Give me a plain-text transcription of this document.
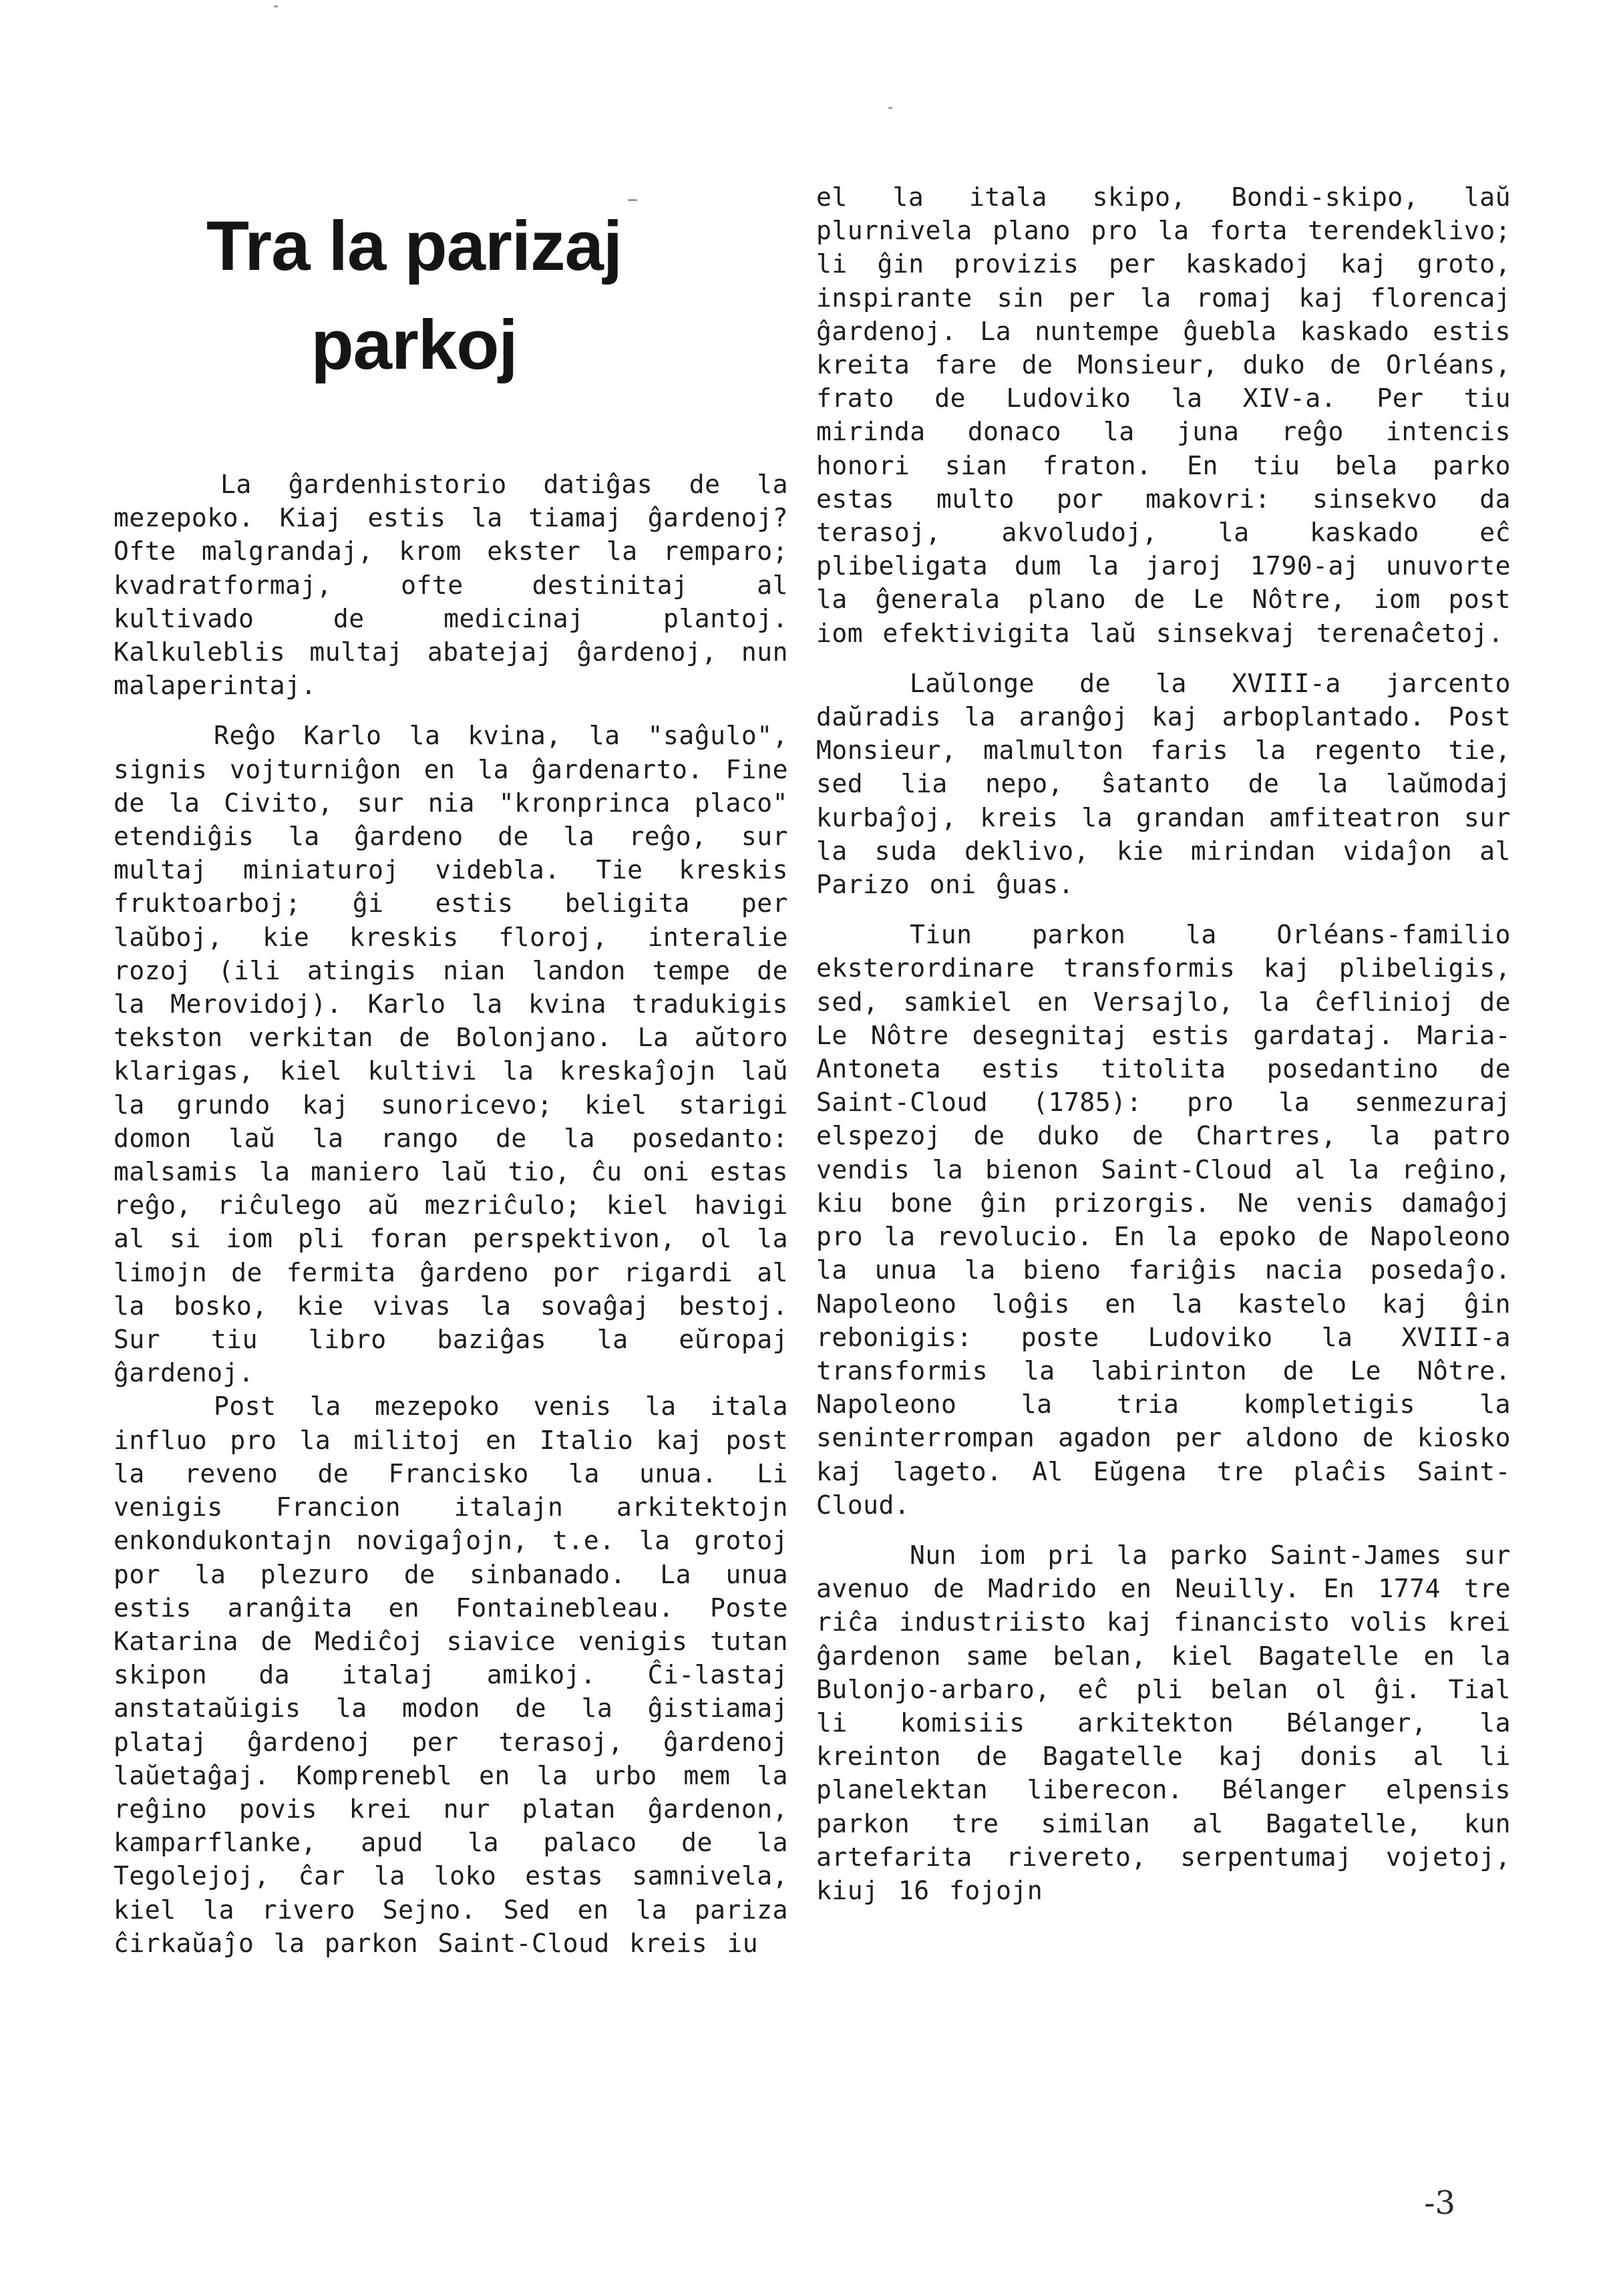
Tra la parizaj
parkoj

La ĝardenhistorio datiĝas de la mezepoko. Kiaj estis la tiamaj ĝardenoj? Ofte malgrandaj, krom ekster la remparo; kvadratformaj, ofte destinitaj al kultivado de medicinaj plantoj. Kalkuleblis multaj abatejaj ĝardenoj, nun malaperintaj.

Reĝo Karlo la kvina, la "saĝulo", signis vojturniĝon en la ĝardenarto. Fine de la Civito, sur nia "kronprinca placo" etendiĝis la ĝardeno de la reĝo, sur multaj miniaturoj videbla. Tie kreskis fruktoarboj; ĝi estis beligita per laŭboj, kie kreskis floroj, interalie rozoj (ili atingis nian landon tempe de la Merovidoj). Karlo la kvina tradukigis tekston verkitan de Bolonjano. La aŭtoro klarigas, kiel kultivi la kreskaĵojn laŭ la grundo kaj sunoricevo; kiel starigi domon laŭ la rango de la posedanto: malsamis la maniero laŭ tio, ĉu oni estas reĝo, riĉulego aŭ mezriĉulo; kiel havigi al si iom pli foran perspektivon, ol la limojn de fermita ĝardeno por rigardi al la bosko, kie vivas la sovaĝaj bestoj. Sur tiu libro baziĝas la eŭropaj ĝardenoj.

Post la mezepoko venis la itala influo pro la militoj en Italio kaj post la reveno de Francisko la unua. Li venigis Francion italajn arkitektojn enkondukontajn novigaĵojn, t.e. la grotoj por la plezuro de sinbanado. La unua estis aranĝita en Fontainebleau. Poste Katarina de Mediĉoj siavice venigis tutan skipon da italaj amikoj. Ĉi-lastaj anstataŭigis la modon de la ĝistiamaj plataj ĝardenoj per terasoj, ĝardenoj laŭetaĝaj. Komprenebl en la urbo mem la reĝino povis krei nur platan ĝardenon, kamparflanke, apud la palaco de la Tegolejoj, ĉar la loko estas samnivela, kiel la rivero Sejno. Sed en la pariza ĉirkaŭaĵo la parkon Saint-Cloud kreis iu

el la itala skipo, Bondi-skipo, laŭ plurnivela plano pro la forta terendeklivo; li ĝin provizis per kaskadoj kaj groto, inspirante sin per la romaj kaj florencaj ĝardenoj. La nuntempe ĝuebla kaskado estis kreita fare de Monsieur, duko de Orléans, frato de Ludoviko la XIV-a. Per tiu mirinda donaco la juna reĝo intencis honori sian fraton. En tiu bela parko estas multo por makovri: sinsekvo da terasoj, akvoludoj, la kaskado eĉ plibeligata dum la jaroj 1790-aj unuvorte la ĝenerala plano de Le Nôtre, iom post iom efektivigita laŭ sinsekvaj terenaĉetoj.

Laŭlonge de la XVIII-a jarcento daŭradis la aranĝoj kaj arboplantado. Post Monsieur, malmulton faris la regento tie, sed lia nepo, ŝatanto de la laŭmodaj kurbaĵoj, kreis la grandan amfiteatron sur la suda deklivo, kie mirindan vidaĵon al Parizo oni ĝuas.

Tiun parkon la Orléans-familio eksterordinare transformis kaj plibeligis, sed, samkiel en Versajlo, la ĉeflinioj de Le Nôtre desegnitaj estis gardataj. Maria-Antoneta estis titolita posedantino de Saint-Cloud (1785): pro la senmezuraj elspezoj de duko de Chartres, la patro vendis la bienon Saint-Cloud al la reĝino, kiu bone ĝin prizorgis. Ne venis damaĝoj pro la revolucio. En la epoko de Napoleono la unua la bieno fariĝis nacia posedaĵo. Napoleono loĝis en la kastelo kaj ĝin rebonigis: poste Ludoviko la XVIII-a transformis la labirinton de Le Nôtre. Napoleono la tria kompletigis la seninterrompan agadon per aldono de kiosko kaj lageto. Al Eŭgena tre plaĉis Saint-Cloud.

Nun iom pri la parko Saint-James sur avenuo de Madrido en Neuilly. En 1774 tre riĉa industriisto kaj financisto volis krei ĝardenon same belan, kiel Bagatelle en la Bulonjo-arbaro, eĉ pli belan ol ĝi. Tial li komisiis arkitekton Bélanger, la kreinton de Bagatelle kaj donis al li planelektan liberecon. Bélanger elpensis parkon tre similan al Bagatelle, kun artefarita rivereto, serpentumaj vojetoj, kiuj 16 fojojn

-3
